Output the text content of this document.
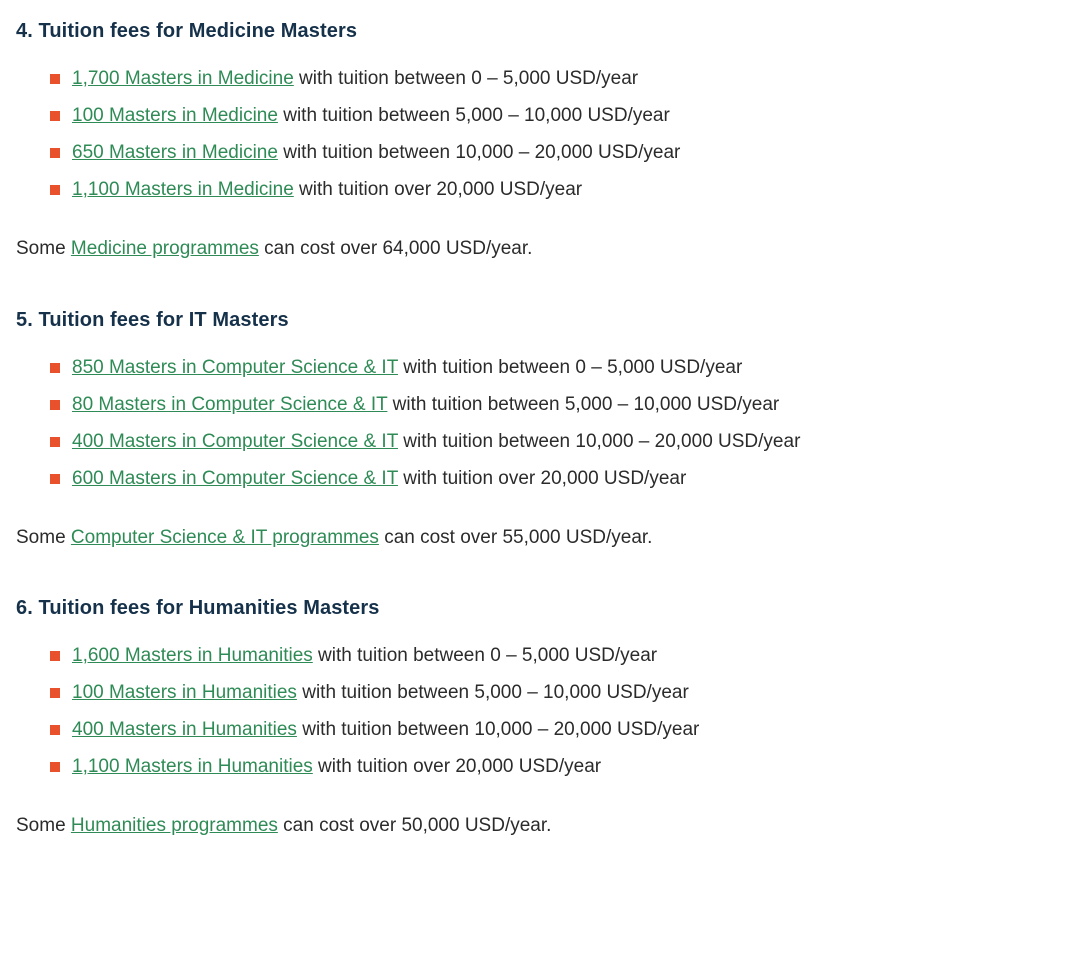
4. Tuition fees for Medicine Masters
1,700 Masters in Medicine with tuition between 0 – 5,000 USD/year
100 Masters in Medicine with tuition between 5,000 – 10,000 USD/year
650 Masters in Medicine with tuition between 10,000 – 20,000 USD/year
1,100 Masters in Medicine with tuition over 20,000 USD/year

Some Medicine programmes can cost over 64,000 USD/year.

5. Tuition fees for IT Masters
850 Masters in Computer Science & IT with tuition between 0 – 5,000 USD/year
80 Masters in Computer Science & IT with tuition between 5,000 – 10,000 USD/year
400 Masters in Computer Science & IT with tuition between 10,000 – 20,000 USD/year
600 Masters in Computer Science & IT with tuition over 20,000 USD/year

Some Computer Science & IT programmes can cost over 55,000 USD/year.

6. Tuition fees for Humanities Masters
1,600 Masters in Humanities with tuition between 0 – 5,000 USD/year
100 Masters in Humanities with tuition between 5,000 – 10,000 USD/year
400 Masters in Humanities with tuition between 10,000 – 20,000 USD/year
1,100 Masters in Humanities with tuition over 20,000 USD/year

Some Humanities programmes can cost over 50,000 USD/year.
